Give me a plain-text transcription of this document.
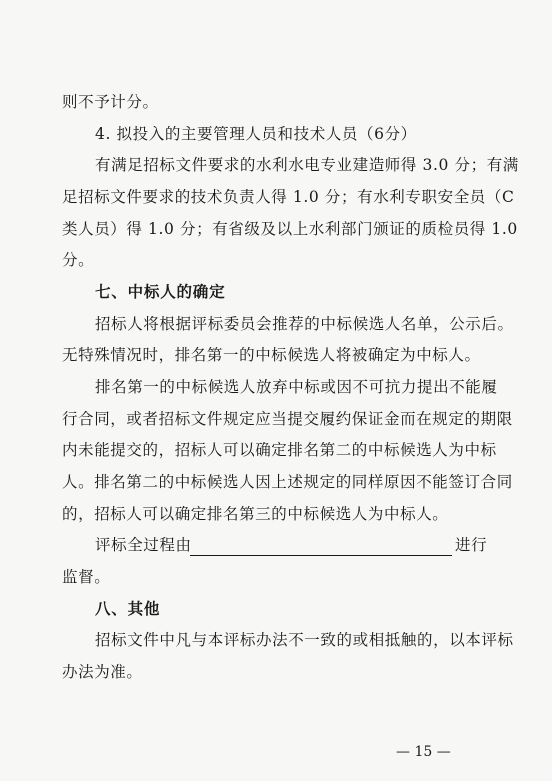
则不予计分。
4. 拟投入的主要管理人员和技术人员（6分）
有满足招标文件要求的水利水电专业建造师得 3.0 分；有满
足招标文件要求的技术负责人得 1.0 分；有水利专职安全员（C
类人员）得 1.0 分；有省级及以上水利部门颁证的质检员得 1.0
分。
七、中标人的确定
招标人将根据评标委员会推荐的中标候选人名单，公示后。
无特殊情况时，排名第一的中标候选人将被确定为中标人。
排名第一的中标候选人放弃中标或因不可抗力提出不能履
行合同，或者招标文件规定应当提交履约保证金而在规定的期限
内未能提交的，招标人可以确定排名第二的中标候选人为中标
人。排名第二的中标候选人因上述规定的同样原因不能签订合同
的，招标人可以确定排名第三的中标候选人为中标人。
评标全过程由	进行
监督。
八、其他
招标文件中凡与本评标办法不一致的或相抵触的，以本评标
办法为准。
— 15 —
